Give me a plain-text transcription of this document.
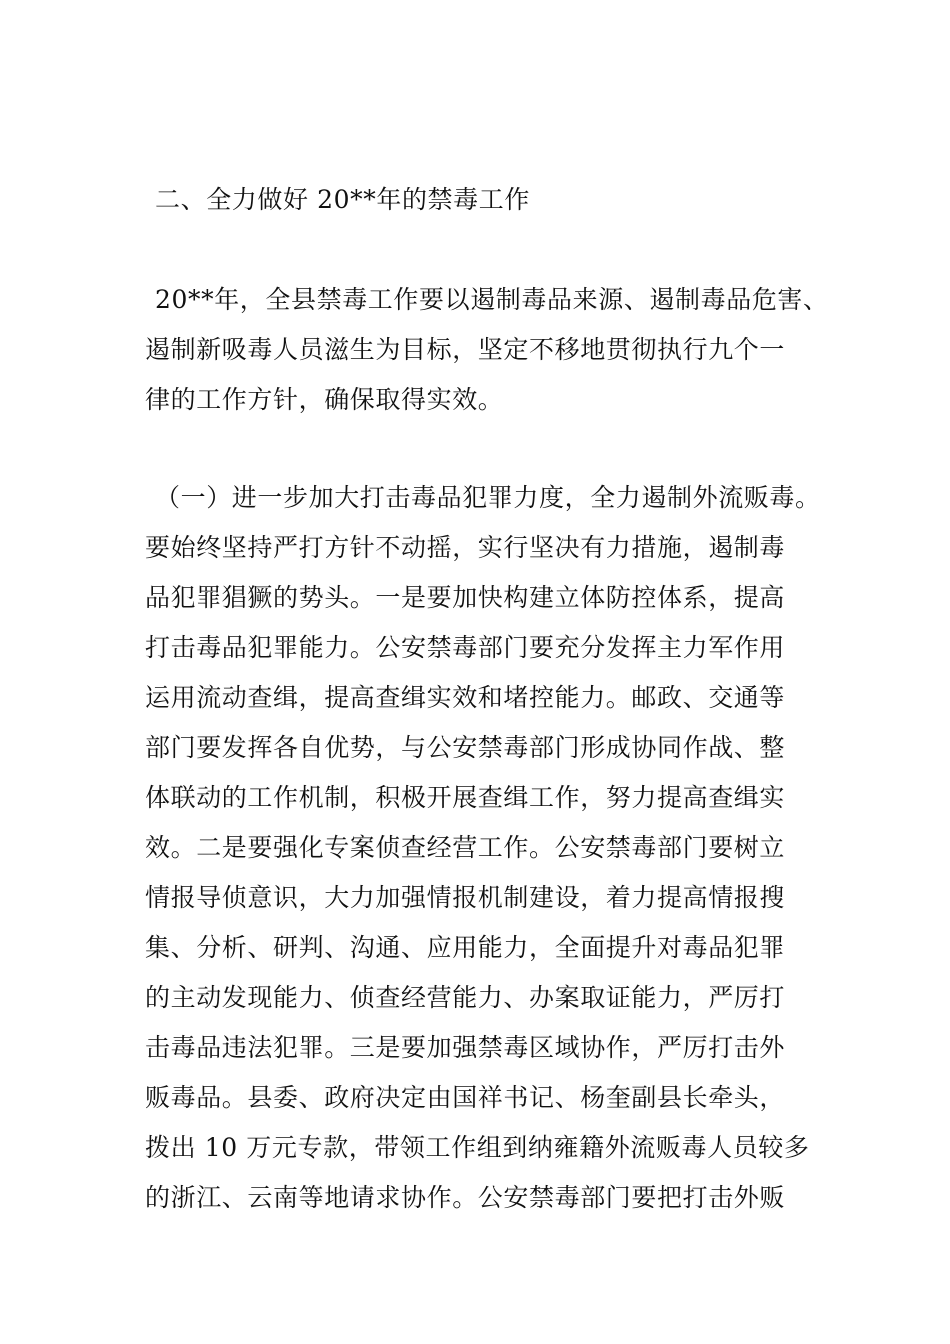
二、全力做好 20**年的禁毒工作
20**年，全县禁毒工作要以遏制毒品来源、遏制毒品危害、
遏制新吸毒人员滋生为目标，坚定不移地贯彻执行九个一
律的工作方针，确保取得实效。
（一）进一步加大打击毒品犯罪力度，全力遏制外流贩毒。
要始终坚持严打方针不动摇，实行坚决有力措施，遏制毒
品犯罪猖獗的势头。一是要加快构建立体防控体系，提高
打击毒品犯罪能力。公安禁毒部门要充分发挥主力军作用
运用流动查缉，提高查缉实效和堵控能力。邮政、交通等
部门要发挥各自优势，与公安禁毒部门形成协同作战、整
体联动的工作机制，积极开展查缉工作，努力提高查缉实
效。二是要强化专案侦查经营工作。公安禁毒部门要树立
情报导侦意识，大力加强情报机制建设，着力提高情报搜
集、分析、研判、沟通、应用能力，全面提升对毒品犯罪
的主动发现能力、侦查经营能力、办案取证能力，严厉打
击毒品违法犯罪。三是要加强禁毒区域协作，严厉打击外
贩毒品。县委、政府决定由国祥书记、杨奎副县长牵头，
拨出 10 万元专款，带领工作组到纳雍籍外流贩毒人员较多
的浙江、云南等地请求协作。公安禁毒部门要把打击外贩
